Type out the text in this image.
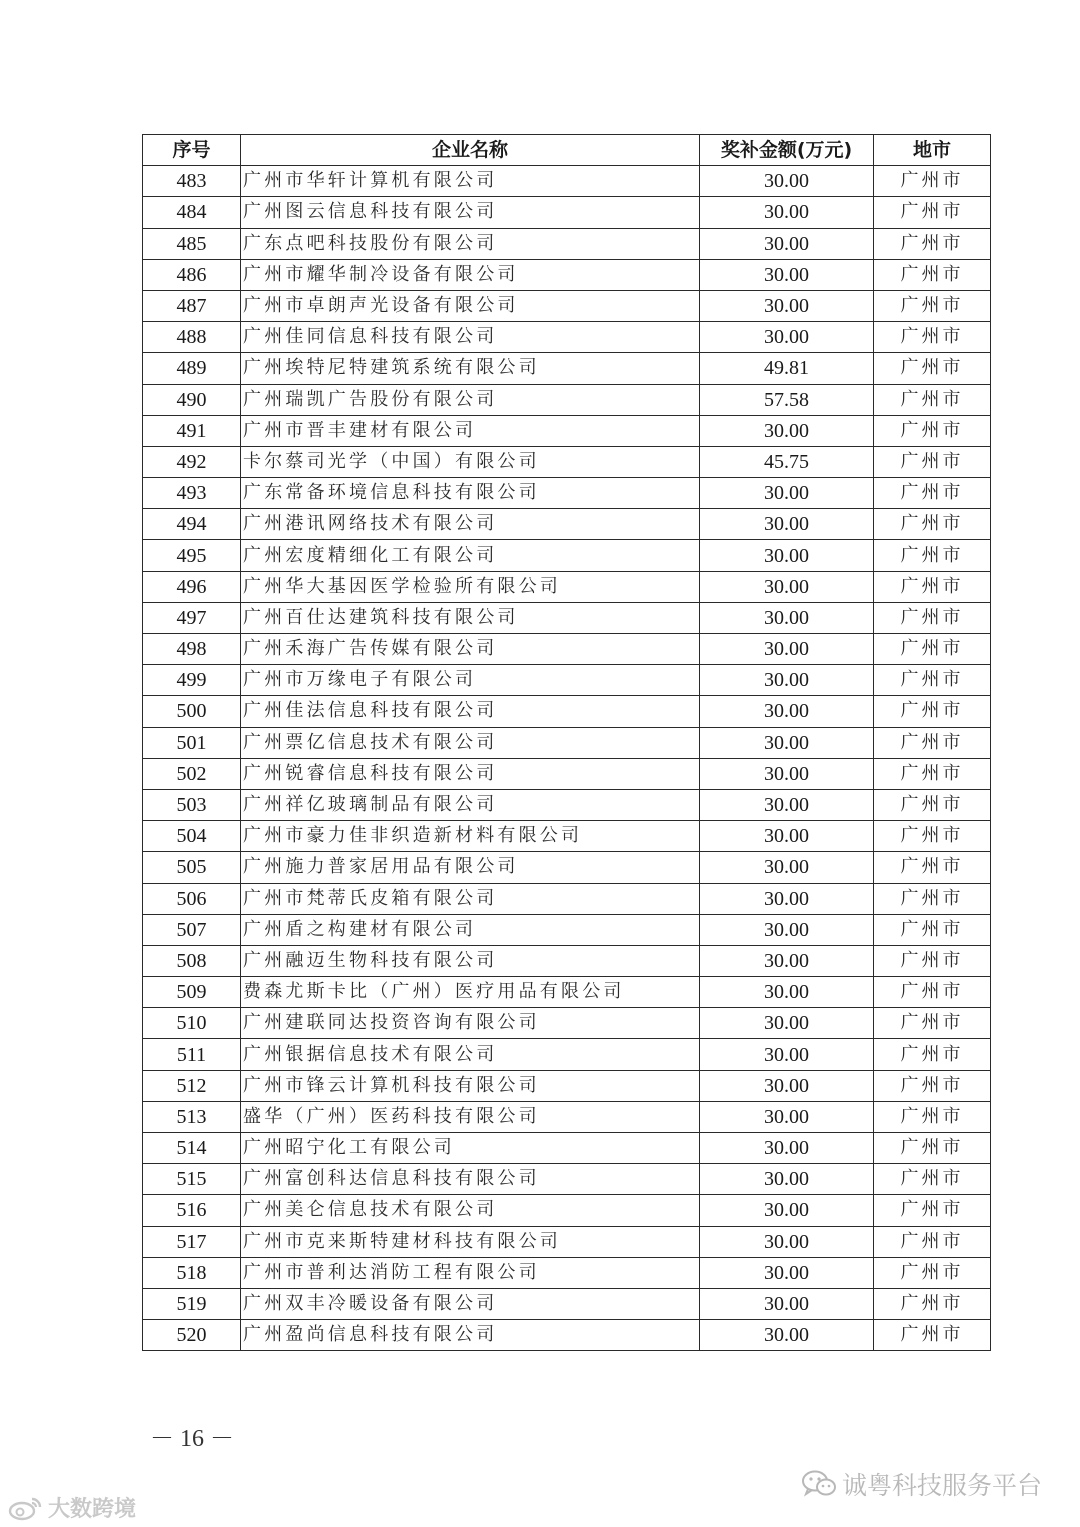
序号	企业名称	奖补金额(万元)	地市
483	广州市华轩计算机有限公司	30.00	广州市
484	广州图云信息科技有限公司	30.00	广州市
485	广东点吧科技股份有限公司	30.00	广州市
486	广州市耀华制冷设备有限公司	30.00	广州市
487	广州市卓朗声光设备有限公司	30.00	广州市
488	广州佳同信息科技有限公司	30.00	广州市
489	广州埃特尼特建筑系统有限公司	49.81	广州市
490	广州瑞凯广告股份有限公司	57.58	广州市
491	广州市晋丰建材有限公司	30.00	广州市
492	卡尔蔡司光学（中国）有限公司	45.75	广州市
493	广东常备环境信息科技有限公司	30.00	广州市
494	广州港讯网络技术有限公司	30.00	广州市
495	广州宏度精细化工有限公司	30.00	广州市
496	广州华大基因医学检验所有限公司	30.00	广州市
497	广州百仕达建筑科技有限公司	30.00	广州市
498	广州禾海广告传媒有限公司	30.00	广州市
499	广州市万缘电子有限公司	30.00	广州市
500	广州佳法信息科技有限公司	30.00	广州市
501	广州票亿信息技术有限公司	30.00	广州市
502	广州锐睿信息科技有限公司	30.00	广州市
503	广州祥亿玻璃制品有限公司	30.00	广州市
504	广州市豪力佳非织造新材料有限公司	30.00	广州市
505	广州施力普家居用品有限公司	30.00	广州市
506	广州市梵蒂氏皮箱有限公司	30.00	广州市
507	广州盾之构建材有限公司	30.00	广州市
508	广州融迈生物科技有限公司	30.00	广州市
509	费森尤斯卡比（广州）医疗用品有限公司	30.00	广州市
510	广州建联同达投资咨询有限公司	30.00	广州市
511	广州银据信息技术有限公司	30.00	广州市
512	广州市锋云计算机科技有限公司	30.00	广州市
513	盛华（广州）医药科技有限公司	30.00	广州市
514	广州昭宁化工有限公司	30.00	广州市
515	广州富创科达信息科技有限公司	30.00	广州市
516	广州美仑信息技术有限公司	30.00	广州市
517	广州市克来斯特建材科技有限公司	30.00	广州市
518	广州市普利达消防工程有限公司	30.00	广州市
519	广州双丰冷暖设备有限公司	30.00	广州市
520	广州盈尚信息科技有限公司	30.00	广州市
－ 16 －
诚粤科技服务平台
大数跨境
